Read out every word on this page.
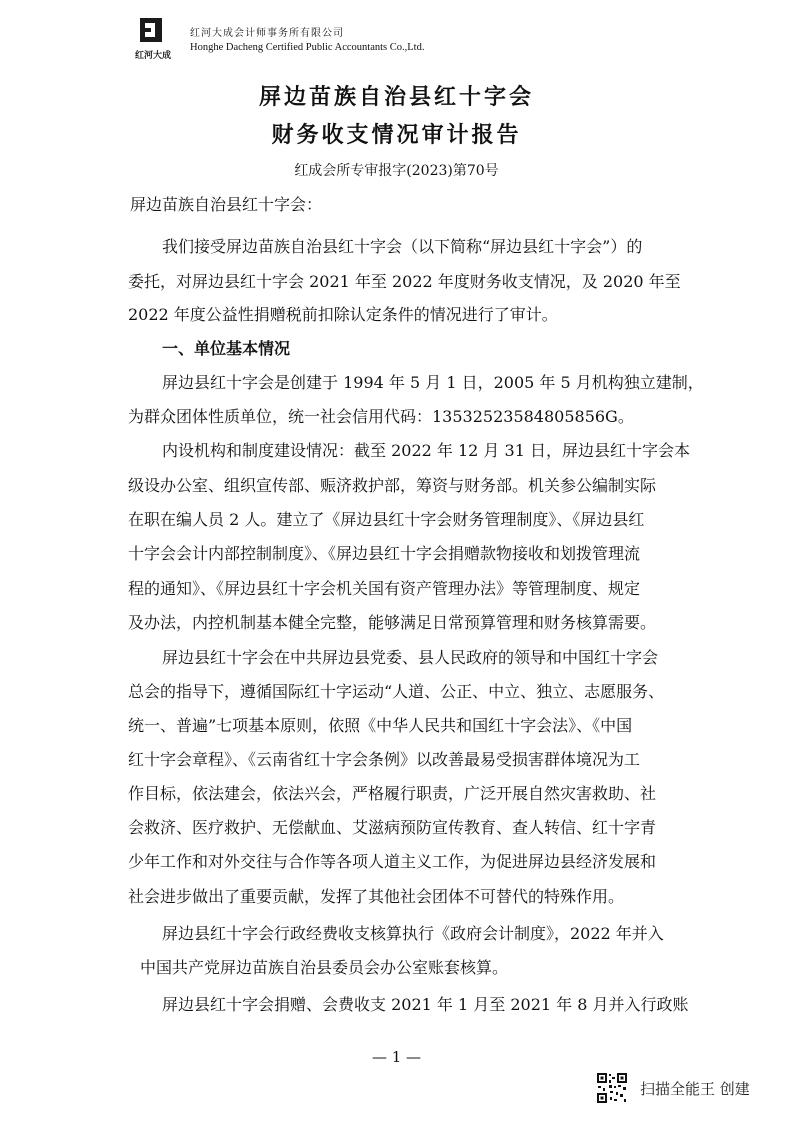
红河大成
红河大成会计师事务所有限公司
Honghe Dacheng Certified Public Accountants Co.,Ltd.
屏边苗族自治县红十字会
财务收支情况审计报告
红成会所专审报字(2023)第70号
屏边苗族自治县红十字会：
我们接受屏边苗族自治县红十字会（以下简称“屏边县红十字会”）的
委托，对屏边县红十字会 2021 年至 2022 年度财务收支情况，及 2020 年至
2022 年度公益性捐赠税前扣除认定条件的情况进行了审计。
一、单位基本情况
屏边县红十字会是创建于 1994 年 5 月 1 日，2005 年 5 月机构独立建制，
为群众团体性质单位，统一社会信用代码：13532523584805856G。
内设机构和制度建设情况：截至 2022 年 12 月 31 日，屏边县红十字会本
级设办公室、组织宣传部、赈济救护部，筹资与财务部。机关参公编制实际
在职在编人员 2 人。建立了《屏边县红十字会财务管理制度》、《屏边县红
十字会会计内部控制制度》、《屏边县红十字会捐赠款物接收和划拨管理流
程的通知》、《屏边县红十字会机关国有资产管理办法》等管理制度、规定
及办法，内控机制基本健全完整，能够满足日常预算管理和财务核算需要。
屏边县红十字会在中共屏边县党委、县人民政府的领导和中国红十字会
总会的指导下，遵循国际红十字运动“人道、公正、中立、独立、志愿服务、
统一、普遍”七项基本原则，依照《中华人民共和国红十字会法》、《中国
红十字会章程》、《云南省红十字会条例》以改善最易受损害群体境况为工
作目标，依法建会，依法兴会，严格履行职责，广泛开展自然灾害救助、社
会救济、医疗救护、无偿献血、艾滋病预防宣传教育、查人转信、红十字青
少年工作和对外交往与合作等各项人道主义工作，为促进屏边县经济发展和
社会进步做出了重要贡献，发挥了其他社会团体不可替代的特殊作用。
屏边县红十字会行政经费收支核算执行《政府会计制度》，2022 年并入
中国共产党屏边苗族自治县委员会办公室账套核算。
屏边县红十字会捐赠、会费收支 2021 年 1 月至 2021 年 8 月并入行政账
— 1 —
扫描全能王 创建
